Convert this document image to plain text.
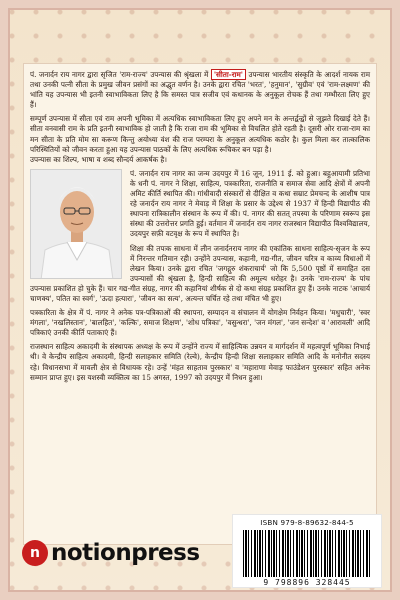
पं. जनार्दन राय नागर द्वारा सृजित 'राम-राज्य' उपन्यास की श्रृंखला में 'सीता-राम' उपन्यास भारतीय संस्कृति के आदर्श नायक राम तथा उनकी पत्नी सीता के प्रमुख जीवन प्रसंगों का अद्भुत वर्णन है। उनके द्वारा रचित 'भरत', 'हनुमान', 'सुग्रीव' एवं 'राम-लक्ष्मण' की भांति यह उपन्यास भी इतनी स्वाभाविकता लिए है कि समस्त पात्र सजीव एवं कथानक के अनुकूल रोचक हैं तथा गम्भीरता लिए हुए हैं।

सम्पूर्ण उपन्यास में सीता एवं राम अपनी भूमिका में अत्यधिक स्वाभाविकता लिए हुए अपने मन के अन्तर्द्वन्द्वों से जूझते दिखाई देते हैं। सीता वनवासी राम के प्रति इतनी स्वाभाविक हो जाती है कि राजा राम की भूमिका से विचलित होते रहती है। दूसरी ओर राजा-राम का मन सीता के प्रति मोम सा करूण किन्तु अयोध्या वंश की राज परम्परा के अनुकूल अत्यधिक कठोर है। कुल मिला कर तात्कालिक परिस्थितियों को जीवन करता हुआ यह उपन्यास पाठकों के लिए अत्यधिक रूचिकर बन पड़ा है।
उपन्यास का शिल्प, भाषा व शब्द सौन्दर्य आकर्षक है।

पं. जनार्दन राय नागर का जन्म उदयपुर में 16 जून, 1911 ई. को हुआ। बहुआयामी प्रतिभा के धनी पं. नागर ने शिक्षा, साहित्य, पत्रकारिता, राजनीति व समाज सेवा आदि क्षेत्रों में अपनी अमिट कीर्ति स्थापित की। गांधीवादी संस्कारों से दीक्षित व कथा सम्राट प्रेमचन्द के आशीष पात्र रहे जनार्दन राय नागर ने मेवाड़ में शिक्षा के प्रसार के उद्देश्य से 1937 में हिन्दी विद्यापीठ की स्थापना रात्रिकालीन संस्थान के रूप में की। पं. नागर की सतत् तपस्या के परिणाम स्वरूप इस संस्था की उत्तरोत्तर प्रगति हुई। वर्तमान में जनार्दन राय नागर राजस्थान विद्यापीठ विश्वविद्यालय, उदयपुर सफ़ी वटवृक्ष के रूप में स्थापित है।

शिक्षा की तपःक साधना में लीन जनार्दनराय नागर की एकांतिक साधना साहित्य-सृजन के रूप में निरन्तर गतिमान रही। उन्होंने उपन्यास, कहानी, गद्य-गीत, जीवन चरित्र व काव्य विधाओं में लेखन किया। उनके द्वारा रचित 'जगद्गुरु शंकराचार्य' जो कि 5,500 पृष्ठों में समाहित दस उपन्यासों की श्रृंखला है, हिन्दी साहित्य की अमूल्य धरोहर है। उनके 'राम-राज्य' के पांच उपन्यास प्रकाशित हो चुके हैं। चार गद्य-गीत संग्रह, नागर की कहानियां शीर्षक से दो कथा संग्रह प्रकाशित हुए हैं। उनके नाटक 'आचार्य चाणक्य', पतित का स्वर्ग', 'ऊदा हत्यारा', 'जीवन का सत्य', अत्यन्त चर्चित रहे तथा मंचित भी हुए।

पत्रकारिता के क्षेत्र में पं. नागर ने अनेक पत्र-पत्रिकाओं की स्थापना, सम्पादन व संचालन में योगक्षेम निर्वहन किया। 'मधुचारी', 'स्वर मंगला', 'नखलिस्तान', 'बालहित', 'कल्कि', समाज शिक्षण', 'शोध पत्रिका', 'वसुन्धरा', 'जन मंगल', 'जन सन्देश' व 'आरावली' आदि पत्रिकाएं उनकी कीर्ति पताकाएं हैं।

राजस्थान साहित्य अकादमी के संस्थापक अध्यक्ष के रूप में उन्होंने राज्य में साहित्यिक उन्नयन व मार्गदर्शन में महत्वपूर्ण भूमिका निभाई थी। वे केन्द्रीय साहित्य अकादमी, हिन्दी सलाहकार समिति (रेल्वे), केन्द्रीय हिन्दी शिक्षा सलाहकार समिति आदि के मनोनीत सदस्य रहे। विधानसभा में मावली क्षेत्र से विधायक रहे। उन्हें 'मंहत साहताव पुरस्कार' व 'महाराणा मेवाड़ फाउंडेशन पुरस्कार' सहित अनेक सम्मान प्राप्त हुए। इस यशस्वी व्यक्तित्व का 15 अगस्त, 1997 को उदयपुर में निधन हुआ।

ISBN 979-8-89632-844-5
9 798896 328445
n notionpress
